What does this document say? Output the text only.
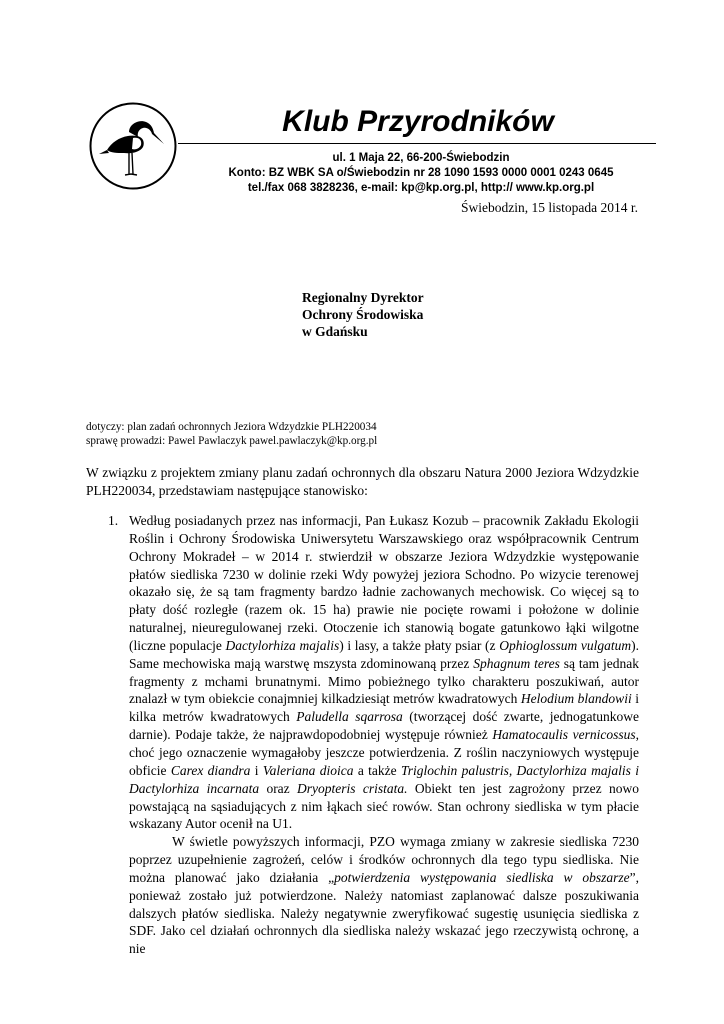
Klub Przyrodników
ul. 1 Maja 22, 66-200-Świebodzin
Konto: BZ WBK SA o/Świebodzin nr 28 1090 1593 0000 0001 0243 0645
tel./fax 068 3828236, e-mail: kp@kp.org.pl, http:// www.kp.org.pl
Świebodzin, 15 listopada 2014 r.
Regionalny Dyrektor
Ochrony Środowiska
w Gdańsku
dotyczy: plan zadań ochronnych Jeziora Wdzydzkie PLH220034
sprawę prowadzi: Pawel Pawlaczyk pawel.pawlaczyk@kp.org.pl
W związku z projektem zmiany planu zadań ochronnych dla obszaru Natura 2000 Jeziora Wdzydzkie PLH220034, przedstawiam następujące stanowisko:
1. Według posiadanych przez nas informacji, Pan Łukasz Kozub – pracownik Zakładu Ekologii Roślin i Ochrony Środowiska Uniwersytetu Warszawskiego oraz współpracownik Centrum Ochrony Mokradeł – w 2014 r. stwierdził w obszarze Jeziora Wdzydzkie występowanie płatów siedliska 7230 w dolinie rzeki Wdy powyżej jeziora Schodno. Po wizycie terenowej okazało się, że są tam fragmenty bardzo ładnie zachowanych mechowisk. Co więcej są to płaty dość rozległe (razem ok. 15 ha) prawie nie pocięte rowami i położone w dolinie naturalnej, nieuregulowanej rzeki. Otoczenie ich stanowią bogate gatunkowo łąki wilgotne (liczne populacje Dactylorhiza majalis) i lasy, a także płaty psiar (z Ophioglossum vulgatum). Same mechowiska mają warstwę mszysta zdominowaną przez Sphagnum teres są tam jednak fragmenty z mchami brunatnymi. Mimo pobieżnego tylko charakteru poszukiwań, autor znalazł w tym obiekcie conajmniej kilkadziesiąt metrów kwadratowych Helodium blandowii i kilka metrów kwadratowych Paludella sqarrosa (tworzącej dość zwarte, jednogatunkowe darnie). Podaje także, że najprawdopodobniej występuje również Hamatocaulis vernicossus, choć jego oznaczenie wymagałoby jeszcze potwierdzenia. Z roślin naczyniowych występuje obficie Carex diandra i Valeriana dioica a także Triglochin palustris, Dactylorhiza majalis i Dactylorhiza incarnata oraz Dryopteris cristata. Obiekt ten jest zagrożony przez nowo powstającą na sąsiadujących z nim łąkach sieć rowów. Stan ochrony siedliska w tym płacie wskazany Autor ocenił na U1.

W świetle powyższych informacji, PZO wymaga zmiany w zakresie siedliska 7230 poprzez uzupełnienie zagrożeń, celów i środków ochronnych dla tego typu siedliska. Nie można planować jako działania „potwierdzenia występowania siedliska w obszarze”, ponieważ zostało już potwierdzone. Należy natomiast zaplanować dalsze poszukiwania dalszych płatów siedliska. Należy negatywnie zweryfikować sugestię usunięcia siedliska z SDF. Jako cel działań ochronnych dla siedliska należy wskazać jego rzeczywistą ochronę, a nie
